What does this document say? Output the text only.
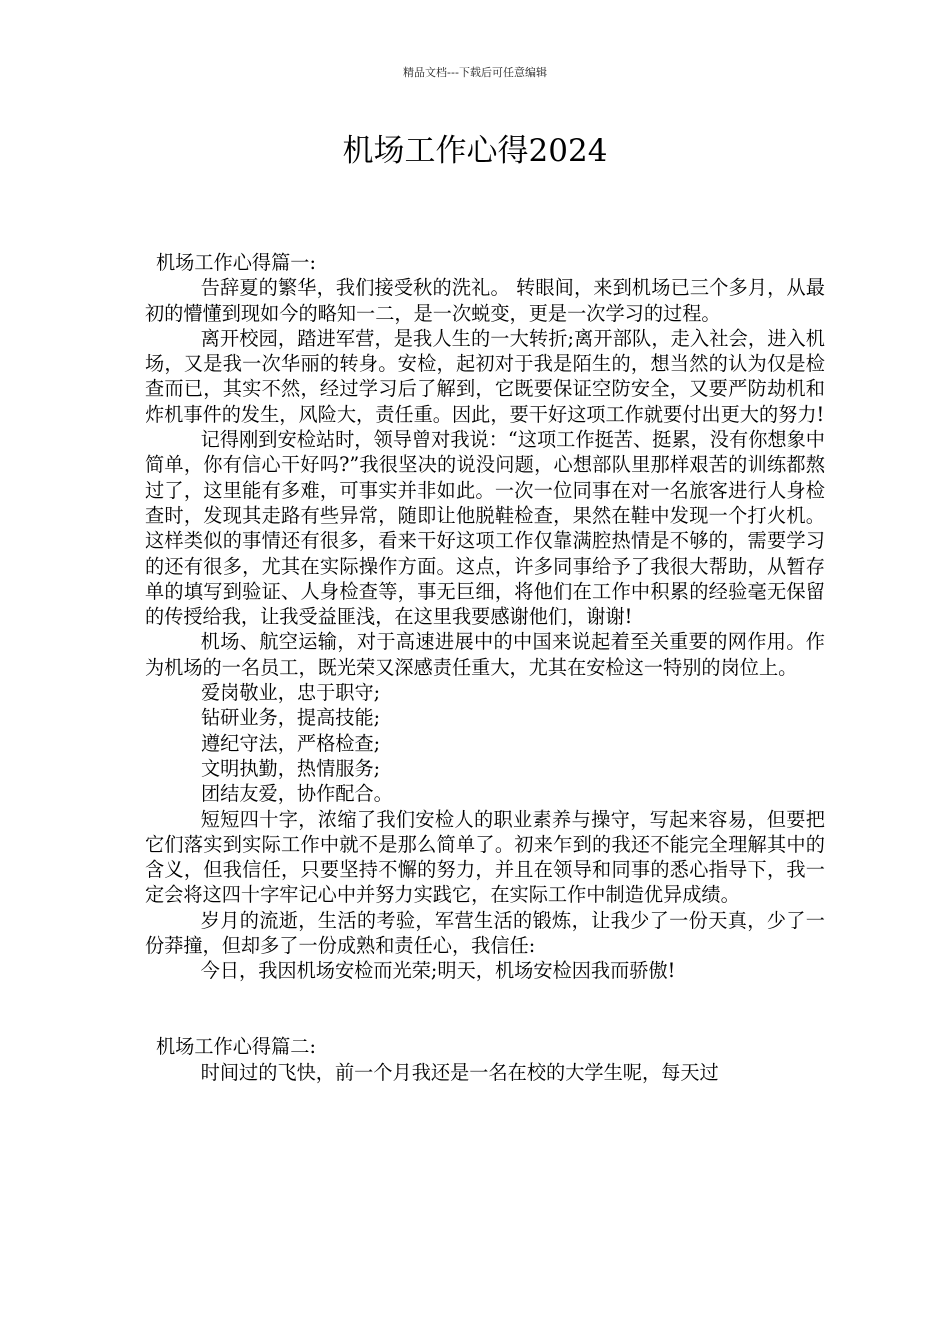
精品文档---下载后可任意编辑
机场工作心得2024

机场工作心得篇一:

告辞夏的繁华，我们接受秋的洗礼。 转眼间，来到机场已三个多月，从最初的懵懂到现如今的略知一二，是一次蜕变，更是一次学习的过程。

离开校园，踏进军营，是我人生的一大转折;离开部队，走入社会，进入机场，又是我一次华丽的转身。安检，起初对于我是陌生的，想当然的认为仅是检查而已，其实不然，经过学习后了解到，它既要保证空防安全，又要严防劫机和炸机事件的发生，风险大，责任重。因此，要干好这项工作就要付出更大的努力!

记得刚到安检站时，领导曾对我说：“这项工作挺苦、挺累，没有你想象中简单，你有信心干好吗?”我很坚决的说没问题，心想部队里那样艰苦的训练都熬过了，这里能有多难，可事实并非如此。一次一位同事在对一名旅客进行人身检查时，发现其走路有些异常，随即让他脱鞋检查，果然在鞋中发现一个打火机。这样类似的事情还有很多，看来干好这项工作仅靠满腔热情是不够的，需要学习的还有很多，尤其在实际操作方面。这点，许多同事给予了我很大帮助，从暂存单的填写到验证、人身检查等，事无巨细，将他们在工作中积累的经验毫无保留的传授给我，让我受益匪浅，在这里我要感谢他们，谢谢!

机场、航空运输，对于高速进展中的中国来说起着至关重要的网作用。作为机场的一名员工，既光荣又深感责任重大，尤其在安检这一特别的岗位上。

爱岗敬业，忠于职守;

钻研业务，提高技能;

遵纪守法，严格检查;

文明执勤，热情服务;

团结友爱，协作配合。

短短四十字，浓缩了我们安检人的职业素养与操守，写起来容易，但要把它们落实到实际工作中就不是那么简单了。初来乍到的我还不能完全理解其中的含义，但我信任，只要坚持不懈的努力，并且在领导和同事的悉心指导下，我一定会将这四十字牢记心中并努力实践它，在实际工作中制造优异成绩。

岁月的流逝，生活的考验，军营生活的锻炼，让我少了一份天真，少了一份莽撞，但却多了一份成熟和责任心，我信任:

今日，我因机场安检而光荣;明天，机场安检因我而骄傲!

机场工作心得篇二:

时间过的飞快，前一个月我还是一名在校的大学生呢，每天过
